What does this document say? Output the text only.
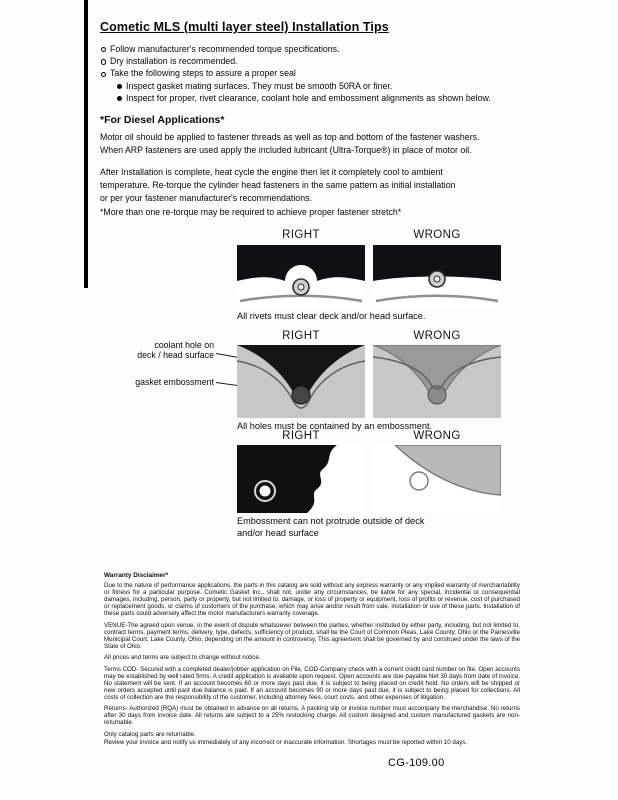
Cometic MLS (multi layer steel) Installation Tips
Follow manufacturer's recommended torque specifications.
Dry installation is recommended.
Take the following steps to assure a proper seal
Inspect gasket mating surfaces. They must be smooth 50RA or finer.
Inspect for proper, rivet clearance, coolant hole and embossment alignments as shown below.
*For Diesel Applications*
Motor oil should be applied to fastener threads as well as top and bottom of the fastener washers.
When ARP fasteners are used apply the included lubricant (Ultra-Torque®) in place of motor oil.
After Installation is complete, heat cycle the engine then let it completely cool to ambient
temperature. Re-torque the cylinder head fasteners in the same pattern as initial installation
or per your fastener manufacturer's recommendations.
*More than one re-torque may be required to achieve proper fastener stretch*
RIGHT	WRONG
All rivets must clear deck and/or head surface.
RIGHT	WRONG
coolant hole on
deck / head surface
gasket embossment
All holes must be contained by an embossment.
RIGHT	WRONG
Embossment can not protrude outside of deck and/or head surface
Warranty Disclaimer*

Due to the nature of performance applications, the parts in this catalog are sold without any express warranty or any implied warranty of merchantability or fitness for a particular purpose. Cometic Gasket Inc., shall not, under any circumstances, be liable for any special, incidental or consequential damages, including, person, party or property, but not limited to, damage, or loss of property or equipment, loss of profits or revenue, cost of purchased or replacement goods, or claims of customers of the purchase, which may arise and/or result from sale, installation or use of these parts. Installation of these parts could adversely affect the motor manufacturers warranty coverage.

VENUE-The agreed upon venue, in the event of dispute whatsoever between the parties, whether instituted by either party, including, but not limited to, contract terms, payment terms, delivery, type, defects, sufficiency of product, shall be the Court of Common Pleas, Lake County, Ohio or the Painesville Municipal Court, Lake County, Ohio, depending on the amount in controversy. This agreement shall be governed by and construed under the laws of the State of Ohio.

All prices and terms are subject to change without notice.

Terms COD- Secured with a completed dealer/jobber application on File, COD-Company check with a current credit card number on file. Open accounts may be established by well rated firms. A credit application is available upon request. Open accounts are due payable Net 30 days from date of invoice. No statement will be sent. If an account becomes 60 or more days past due, it is subject to being placed on credit hold. No orders will be shipped or new orders accepted until past due balance is paid. If an account becomes 90 or more days past due, it is subject to being placed for collections. All costs of collection are the responsibility of the customer, including attorney fees, court costs, and other expenses of litigation.

Returns- Authorized (RQA) must be obtained in advance on all returns. A packing slip or invoice number must accompany the merchandise. No returns after 30 days from invoice date. All returns are subject to a 25% restocking charge. All custom designed and custom manufactured gaskets are non-returnable.

Only catalog parts are returnable.

Review your invoice and notify us immediately of any incorrect or inaccurate information. Shortages must be reported within 10 days.

CG-109.00
